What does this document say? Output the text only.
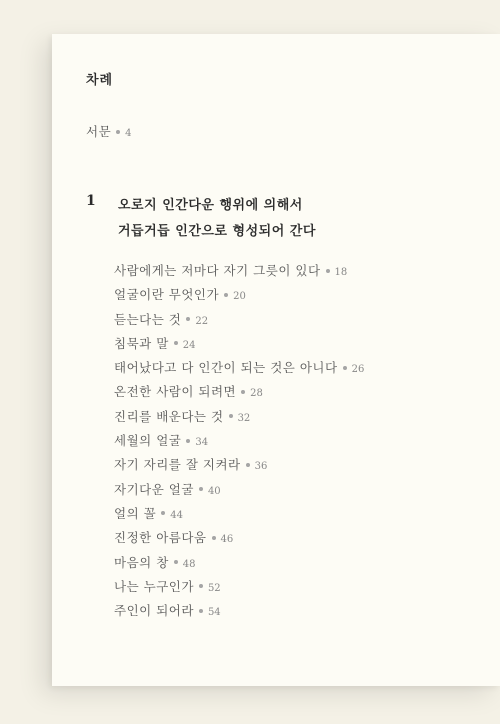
차례
서문 4
1 오로지 인간다운 행위에 의해서
거듭거듭 인간으로 형성되어 간다
사람에게는 저마다 자기 그릇이 있다 18
얼굴이란 무엇인가 20
듣는다는 것 22
침묵과 말 24
태어났다고 다 인간이 되는 것은 아니다 26
온전한 사람이 되려면 28
진리를 배운다는 것 32
세월의 얼굴 34
자기 자리를 잘 지켜라 36
자기다운 얼굴 40
얼의 꼴 44
진정한 아름다움 46
마음의 창 48
나는 누구인가 52
주인이 되어라 54
